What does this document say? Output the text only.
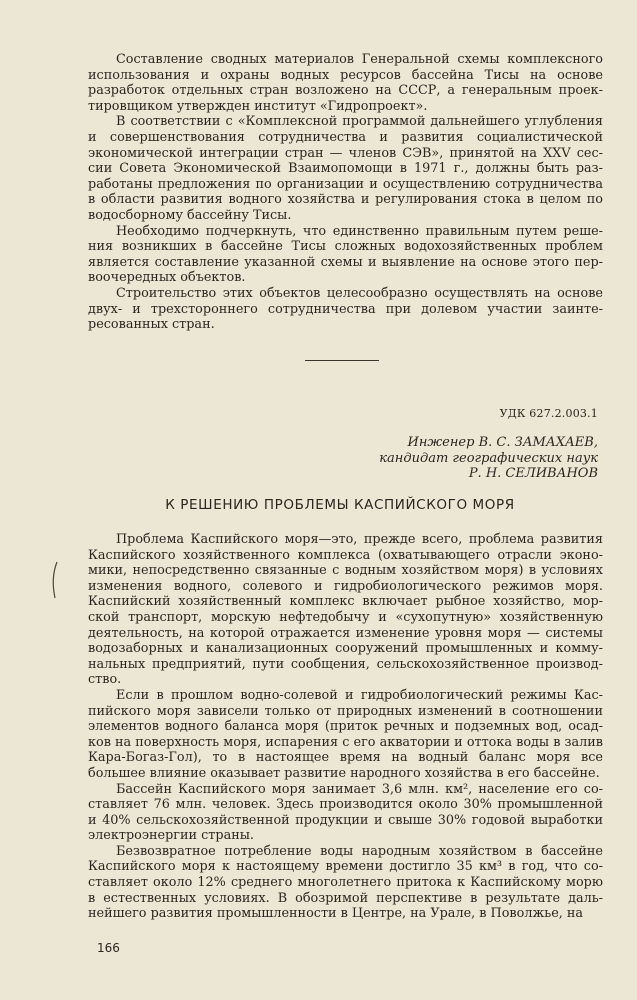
Составление сводных материалов Генеральной схемы комплексного использования и охраны водных ресурсов бассейна Тисы на основе разработок отдельных стран возложено на СССР, а генеральным проектировщиком утвержден институт «Гидропроект».

В соответствии с «Комплексной программой дальнейшего углубления и совершенствования сотрудничества и развития социалистической экономической интеграции стран — членов СЭВ», принятой на XXV сессии Совета Экономической Взаимопомощи в 1971 г., должны быть разработаны предложения по организации и осуществлению сотрудничества в области развития водного хозяйства и регулирования стока в целом по водосборному бассейну Тисы.

Необходимо подчеркнуть, что единственно правильным путем решения возникших в бассейне Тисы сложных водохозяйственных проблем является составление указанной схемы и выявление на основе этого первоочередных объектов.

Строительство этих объектов целесообразно осуществлять на основе двух- и трехстороннего сотрудничества при долевом участии заинтересованных стран.

УДК 627.2.003.1
Инженер В. С. ЗАМАХАЕВ,
кандидат географических наук
Р. Н. СЕЛИВАНОВ
К РЕШЕНИЮ ПРОБЛЕМЫ КАСПИЙСКОГО МОРЯ

Проблема Каспийского моря—это, прежде всего, проблема развития Каспийского хозяйственного комплекса (охватывающего отрасли экономики, непосредственно связанные с водным хозяйством моря) в условиях изменения водного, солевого и гидробиологического режимов моря. Каспийский хозяйственный комплекс включает рыбное хозяйство, морской транспорт, морскую нефтедобычу и «сухопутную» хозяйственную деятельность, на которой отражается изменение уровня моря — системы водозаборных и канализационных сооружений промышленных и коммунальных предприятий, пути сообщения, сельскохозяйственное производство.

Если в прошлом водно-солевой и гидробиологический режимы Каспийского моря зависели только от природных изменений в соотношении элементов водного баланса моря (приток речных и подземных вод, осадков на поверхность моря, испарения с его акватории и оттока воды в залив Кара-Богаз-Гол), то в настоящее время на водный баланс моря все большее влияние оказывает развитие народного хозяйства в его бассейне.

Бассейн Каспийского моря занимает 3,6 млн. км², население его составляет 76 млн. человек. Здесь производится около 30% промышленной и 40% сельскохозяйственной продукции и свыше 30% годовой выработки электроэнергии страны.

Безвозвратное потребление воды народным хозяйством в бассейне Каспийского моря к настоящему времени достигло 35 км³ в год, что составляет около 12% среднего многолетнего притока к Каспийскому морю в естественных условиях. В обозримой перспективе в результате дальнейшего развития промышленности в Центре, на Урале, в Поволжье, на

166
